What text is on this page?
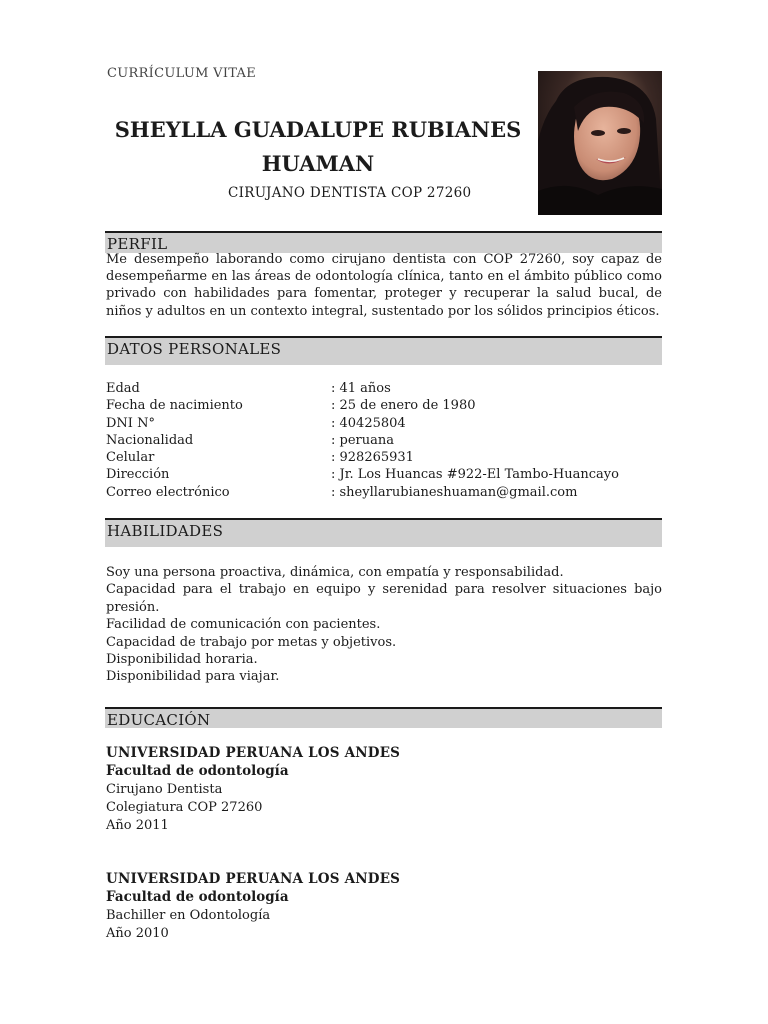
CURRÍCULUM VITAE
SHEYLLA GUADALUPE RUBIANES
HUAMAN
CIRUJANO DENTISTA COP 27260
PERFIL
Me desempeño laborando como cirujano dentista con COP 27260, soy capaz de desempeñarme en las áreas de odontología clínica, tanto en el ámbito público como privado con habilidades para fomentar, proteger y recuperar la salud bucal, de niños y adultos en un contexto integral, sustentado por los sólidos principios éticos.
DATOS PERSONALES
Edad
Fecha de nacimiento
DNI N°
Nacionalidad
Celular
Dirección
Correo electrónico
: 41 años
: 25 de enero de 1980
: 40425804
: peruana
: 928265931
: Jr. Los Huancas #922-El Tambo-Huancayo
: sheyllarubianeshuaman@gmail.com
HABILIDADES
Soy una persona proactiva, dinámica, con empatía y responsabilidad.
Capacidad para el trabajo en equipo y serenidad para resolver situaciones bajo presión.
Facilidad de comunicación con pacientes.
Capacidad de trabajo por metas y objetivos.
Disponibilidad horaria.
Disponibilidad para viajar.
EDUCACIÓN
UNIVERSIDAD PERUANA LOS ANDES
Facultad de odontología
Cirujano Dentista
Colegiatura COP 27260
Año 2011
UNIVERSIDAD PERUANA LOS ANDES
Facultad de odontología
Bachiller en Odontología
Año 2010
